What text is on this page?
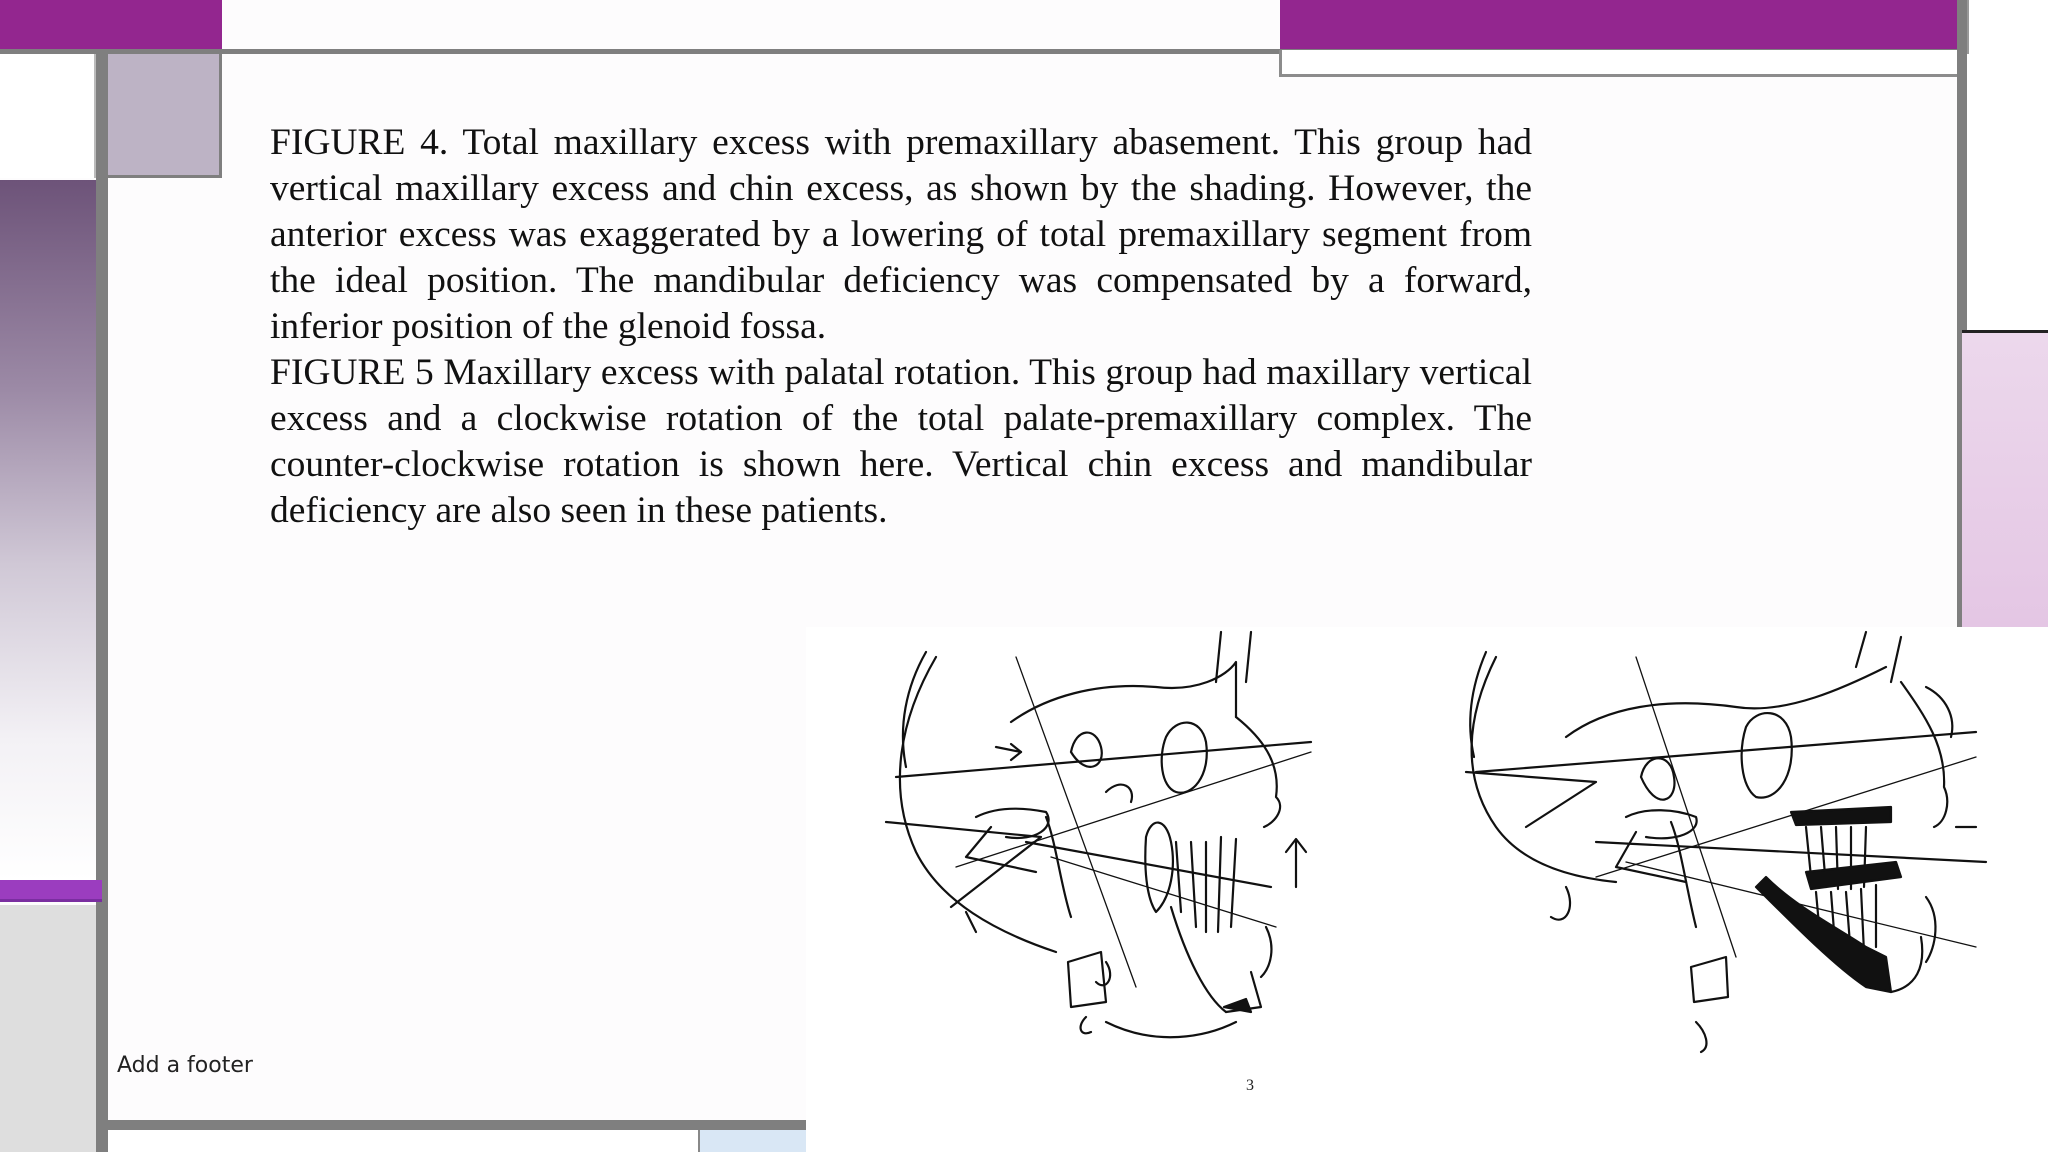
FIGURE 4. Total maxillary excess with premaxillary abasement. This group had vertical maxillary excess and chin excess, as shown by the shading. However, the anterior excess was exaggerated by a lowering of total premaxillary segment from the ideal position. The mandibular deficiency was compensated by a forward, inferior position of the glenoid fossa.

FIGURE 5 Maxillary excess with palatal rotation. This group had maxillary vertical excess and a clockwise rotation of the total palate-premaxillary complex. The counter-clockwise rotation is shown here. Vertical chin excess and mandibular deficiency are also seen in these patients.

Add a footer
3
